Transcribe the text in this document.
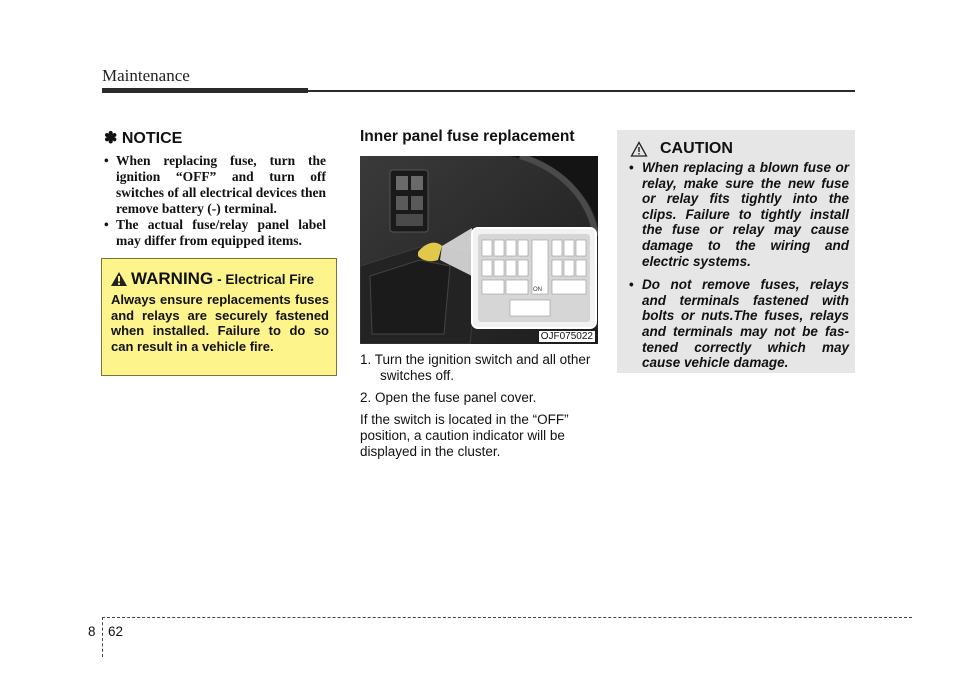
Maintenance
✽ NOTICE
• When replacing fuse, turn the ignition “OFF” and turn off switches of all electrical devices then remove battery (-) terminal.
• The actual fuse/relay panel label may differ from equipped items.
WARNING - Electrical Fire
Always ensure replacements fuses and relays are securely fastened when installed. Failure to do so can result in a vehicle fire.
Inner panel fuse replacement
ON
OJF075022

1. Turn the ignition switch and all other switches off.

2. Open the fuse panel cover.

If the switch is located in the “OFF” position, a caution indicator will be displayed in the cluster.

CAUTION
• When replacing a blown fuse or relay, make sure the new fuse or relay fits tightly into the clips. Failure to tightly install the fuse or relay may cause damage to the wiring and electric systems.
• Do not remove fuses, relays and terminals fastened with bolts or nuts.The fuses, relays and terminals may not be fas-tened correctly which may cause vehicle damage.
8 62
